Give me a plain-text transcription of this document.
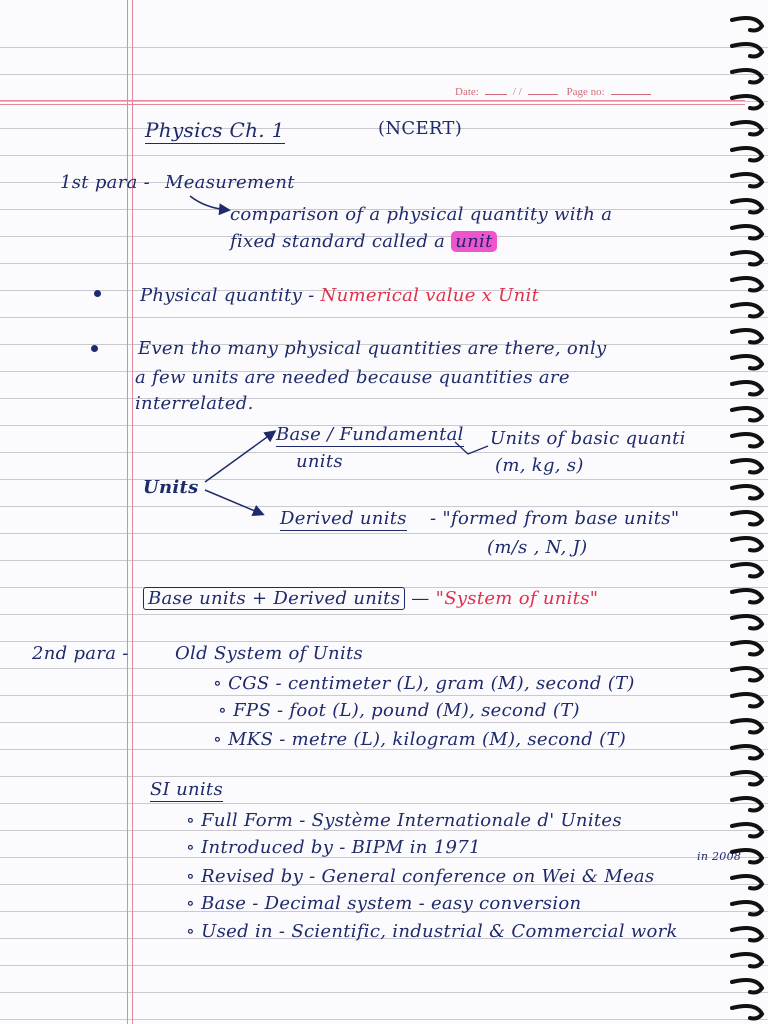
Date:	/ /	Page no:
Physics Ch. 1	(NCERT)
1st para - Measurement
comparison of a physical quantity with a
fixed standard called a unit
Physical quantity - Numerical value x Unit
Even tho many physical quantities are there, only
a few units are needed because quantities are
interrelated.
Units
Base / Fundamental
units
Units of basic quanti
(m, kg, s)
Derived units - "formed from base units"
(m/s , N, J)
Base units + Derived units — "System of units"
2nd para -	Old System of Units
∘ CGS - centimeter (L), gram (M), second (T)
∘ FPS - foot (L), pound (M), second (T)
∘ MKS - metre (L), kilogram (M), second (T)
SI units
∘ Full Form - Système Internationale d' Unites
∘ Introduced by - BIPM in 1971	in 2008
∘ Revised by - General conference on Wei & Meas
∘ Base - Decimal system - easy conversion
∘ Used in - Scientific, industrial & Commercial work
